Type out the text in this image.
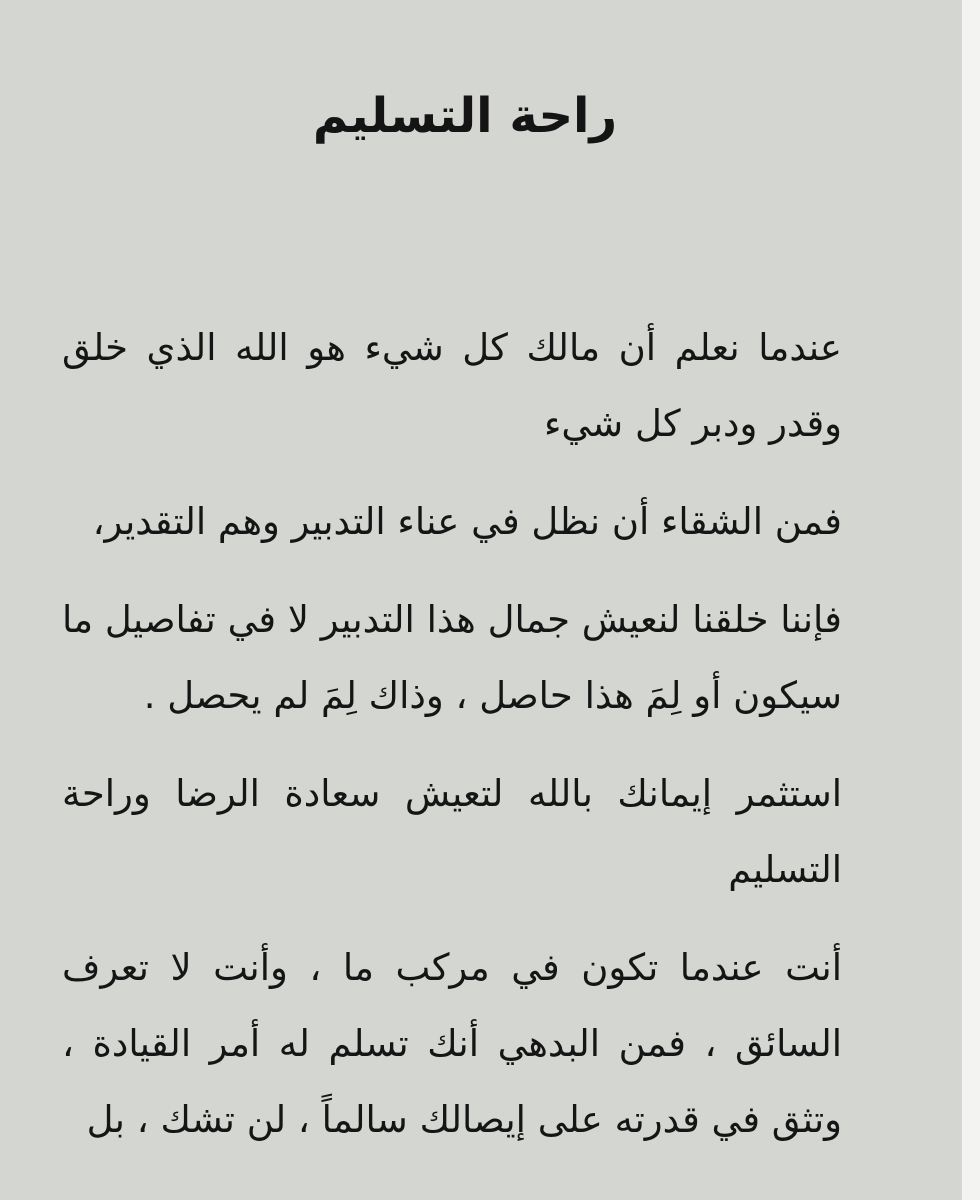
راحة التسليم

عندما نعلم أن مالك كل شيء هو الله الذي خلق وقدر ودبر كل شيء

فمن الشقاء أن نظل في عناء التدبير وهم التقدير،

فإننا خلقنا لنعيش جمال هذا التدبير لا في تفاصيل ما سيكون أو لِمَ هذا حاصل ، وذاك لِمَ لم يحصل .

استثمر إيمانك بالله لتعيش سعادة الرضا وراحة التسليم

أنت عندما تكون في مركب ما ، وأنت لا تعرف السائق ، فمن البدهي أنك تسلم له أمر القيادة ، وتثق في قدرته على إيصالك سالماً ، لن تشك ، بل
